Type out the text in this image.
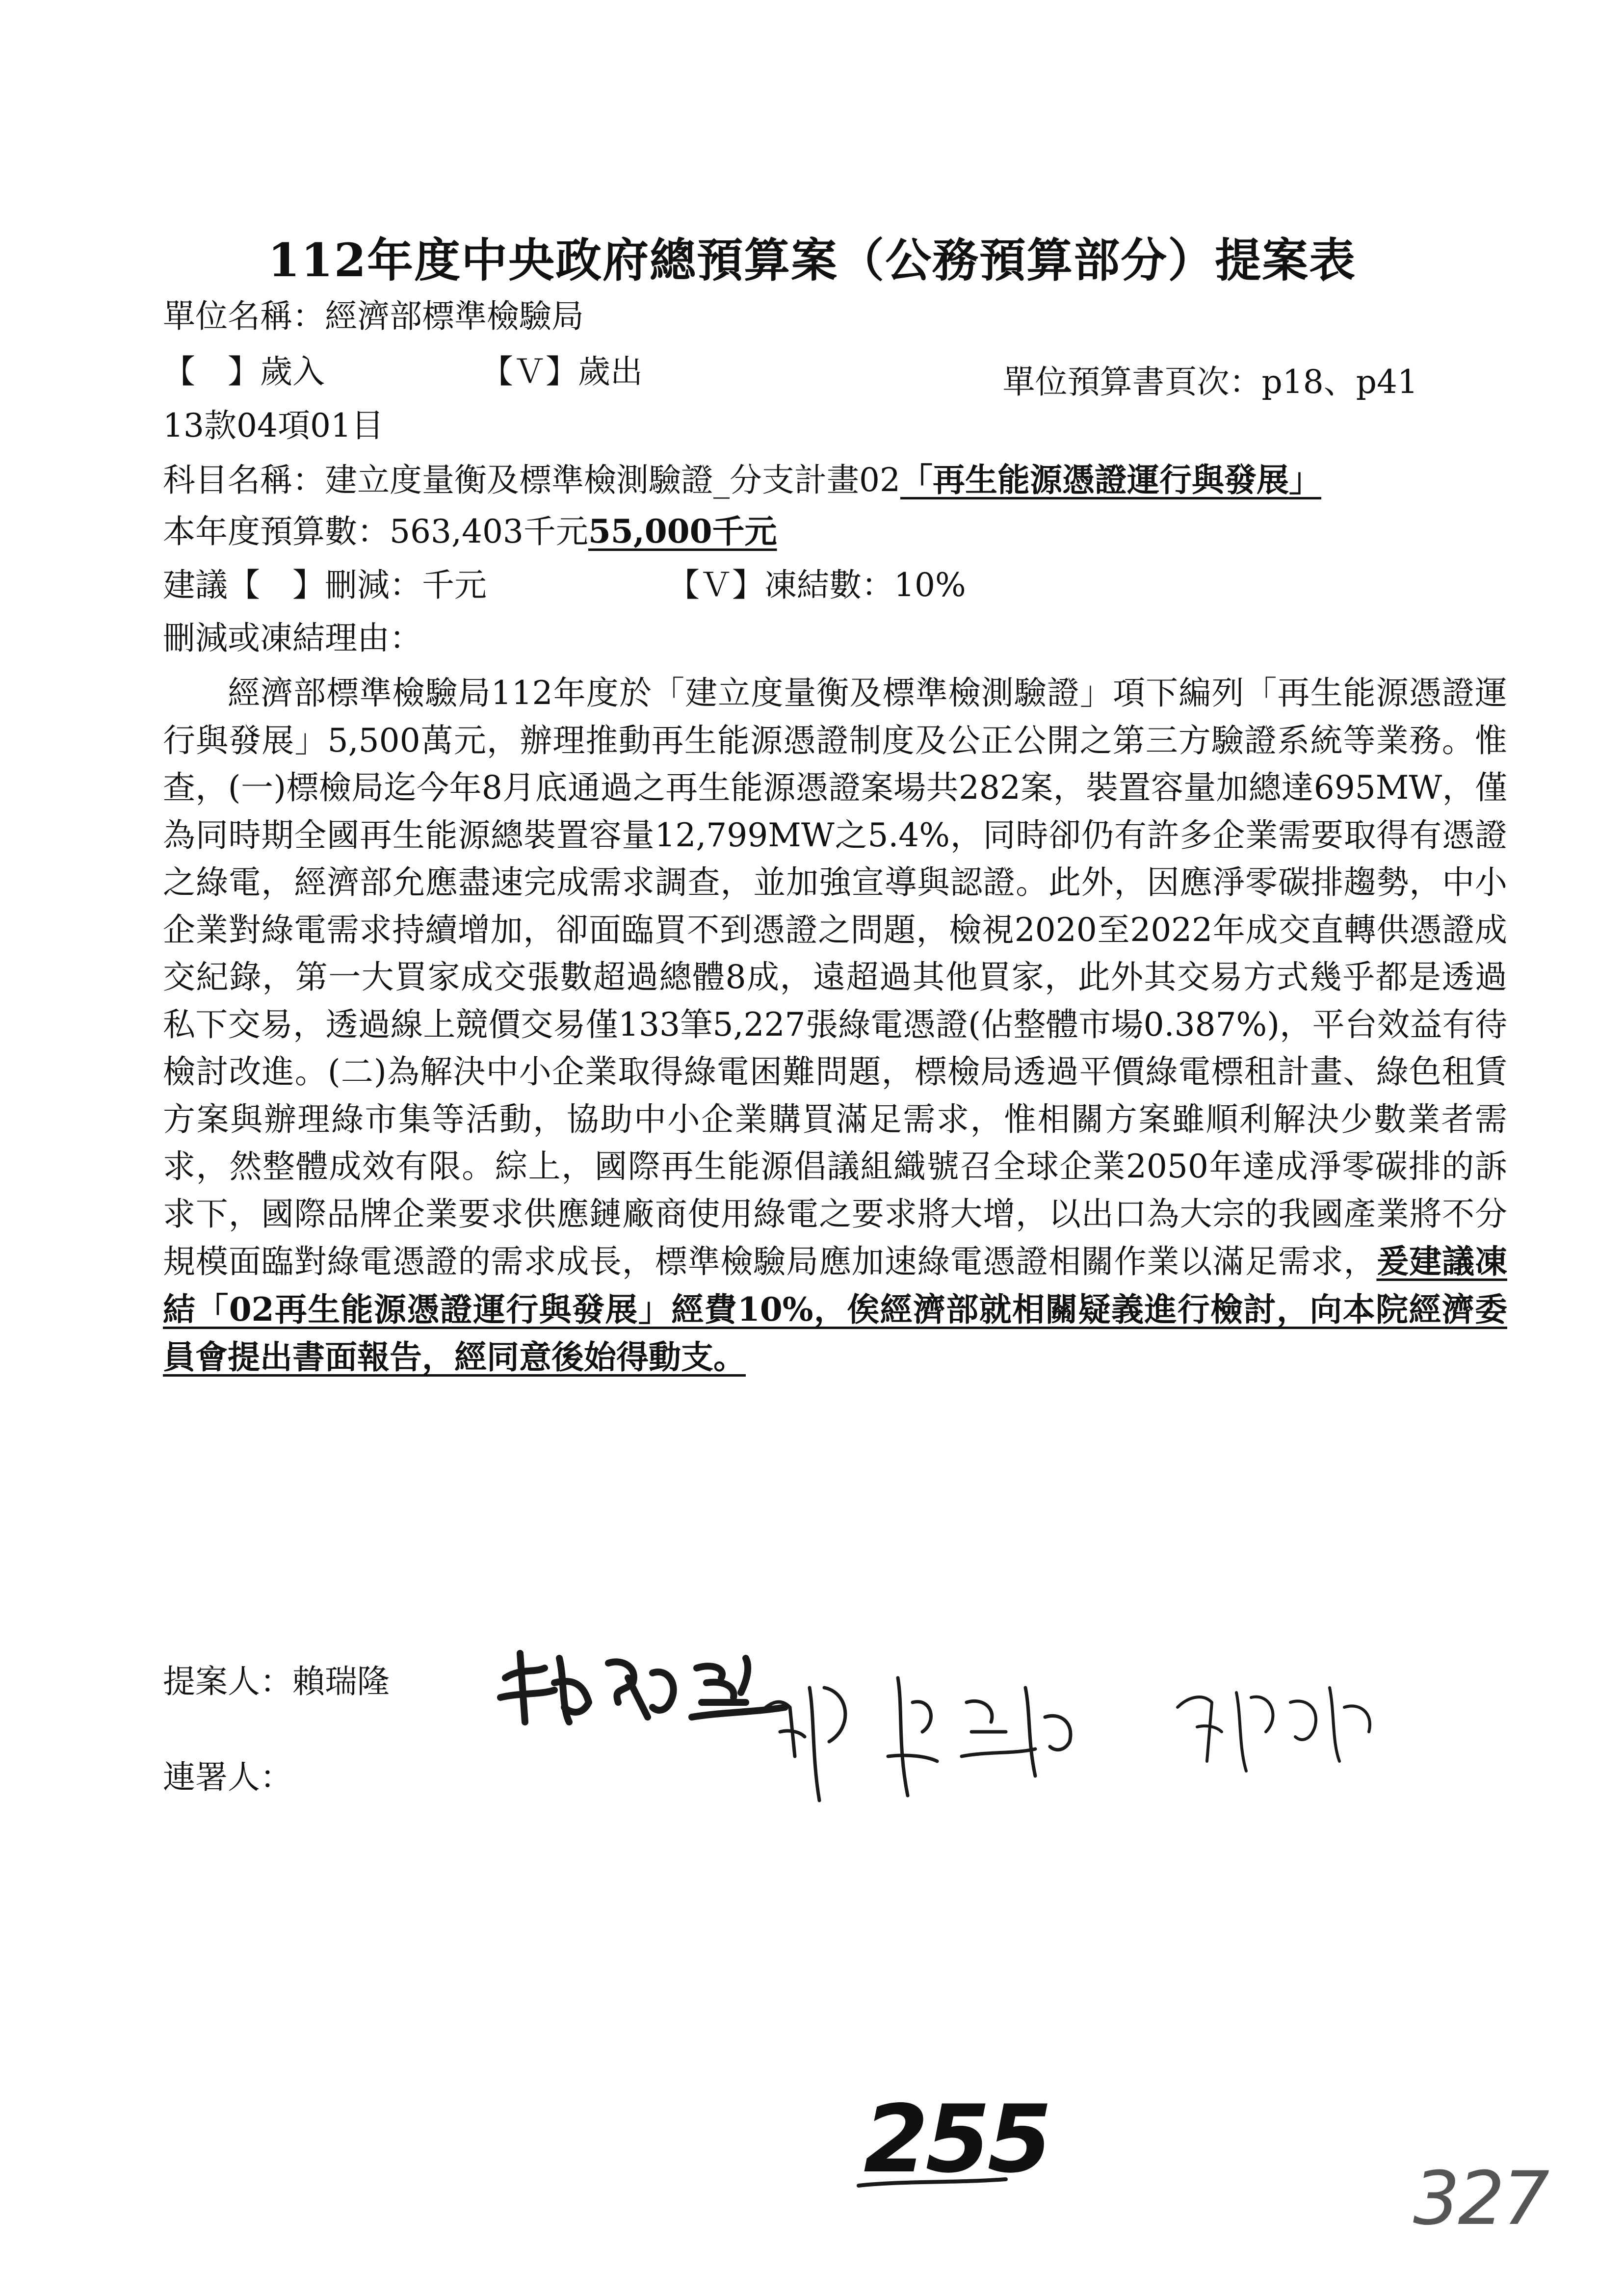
112年度中央政府總預算案（公務預算部分）提案表
單位名稱：經濟部標準檢驗局
【　】歲入	【Ｖ】歲出	單位預算書頁次：p18、p41
13款04項01目
科目名稱：建立度量衡及標準檢測驗證_分支計畫02「再生能源憑證運行與發展」
本年度預算數：563,403千元55,000千元
建議【　】刪減：千元	【Ｖ】凍結數：10%
刪減或凍結理由：
經濟部標準檢驗局112年度於「建立度量衡及標準檢測驗證」項下編列「再生能源憑證運行與發展」5,500萬元，辦理推動再生能源憑證制度及公正公開之第三方驗證系統等業務。惟查，(一)標檢局迄今年8月底通過之再生能源憑證案場共282案，裝置容量加總達695MW，僅為同時期全國再生能源總裝置容量12,799MW之5.4%，同時卻仍有許多企業需要取得有憑證之綠電，經濟部允應盡速完成需求調查，並加強宣導與認證。此外，因應淨零碳排趨勢，中小企業對綠電需求持續增加，卻面臨買不到憑證之問題，檢視2020至2022年成交直轉供憑證成交紀錄，第一大買家成交張數超過總體8成，遠超過其他買家，此外其交易方式幾乎都是透過私下交易，透過線上競價交易僅133筆5,227張綠電憑證(佔整體市場0.387%)，平台效益有待檢討改進。(二)為解決中小企業取得綠電困難問題，標檢局透過平價綠電標租計畫、綠色租賃方案與辦理綠市集等活動，協助中小企業購買滿足需求，惟相關方案雖順利解決少數業者需求，然整體成效有限。綜上，國際再生能源倡議組織號召全球企業2050年達成淨零碳排的訴求下，國際品牌企業要求供應鏈廠商使用綠電之要求將大增，以出口為大宗的我國產業將不分規模面臨對綠電憑證的需求成長，標準檢驗局應加速綠電憑證相關作業以滿足需求，爰建議凍結「02再生能源憑證運行與發展」經費10%，俟經濟部就相關疑義進行檢討，向本院經濟委員會提出書面報告，經同意後始得動支。
提案人：賴瑞隆
連署人：
255
327
